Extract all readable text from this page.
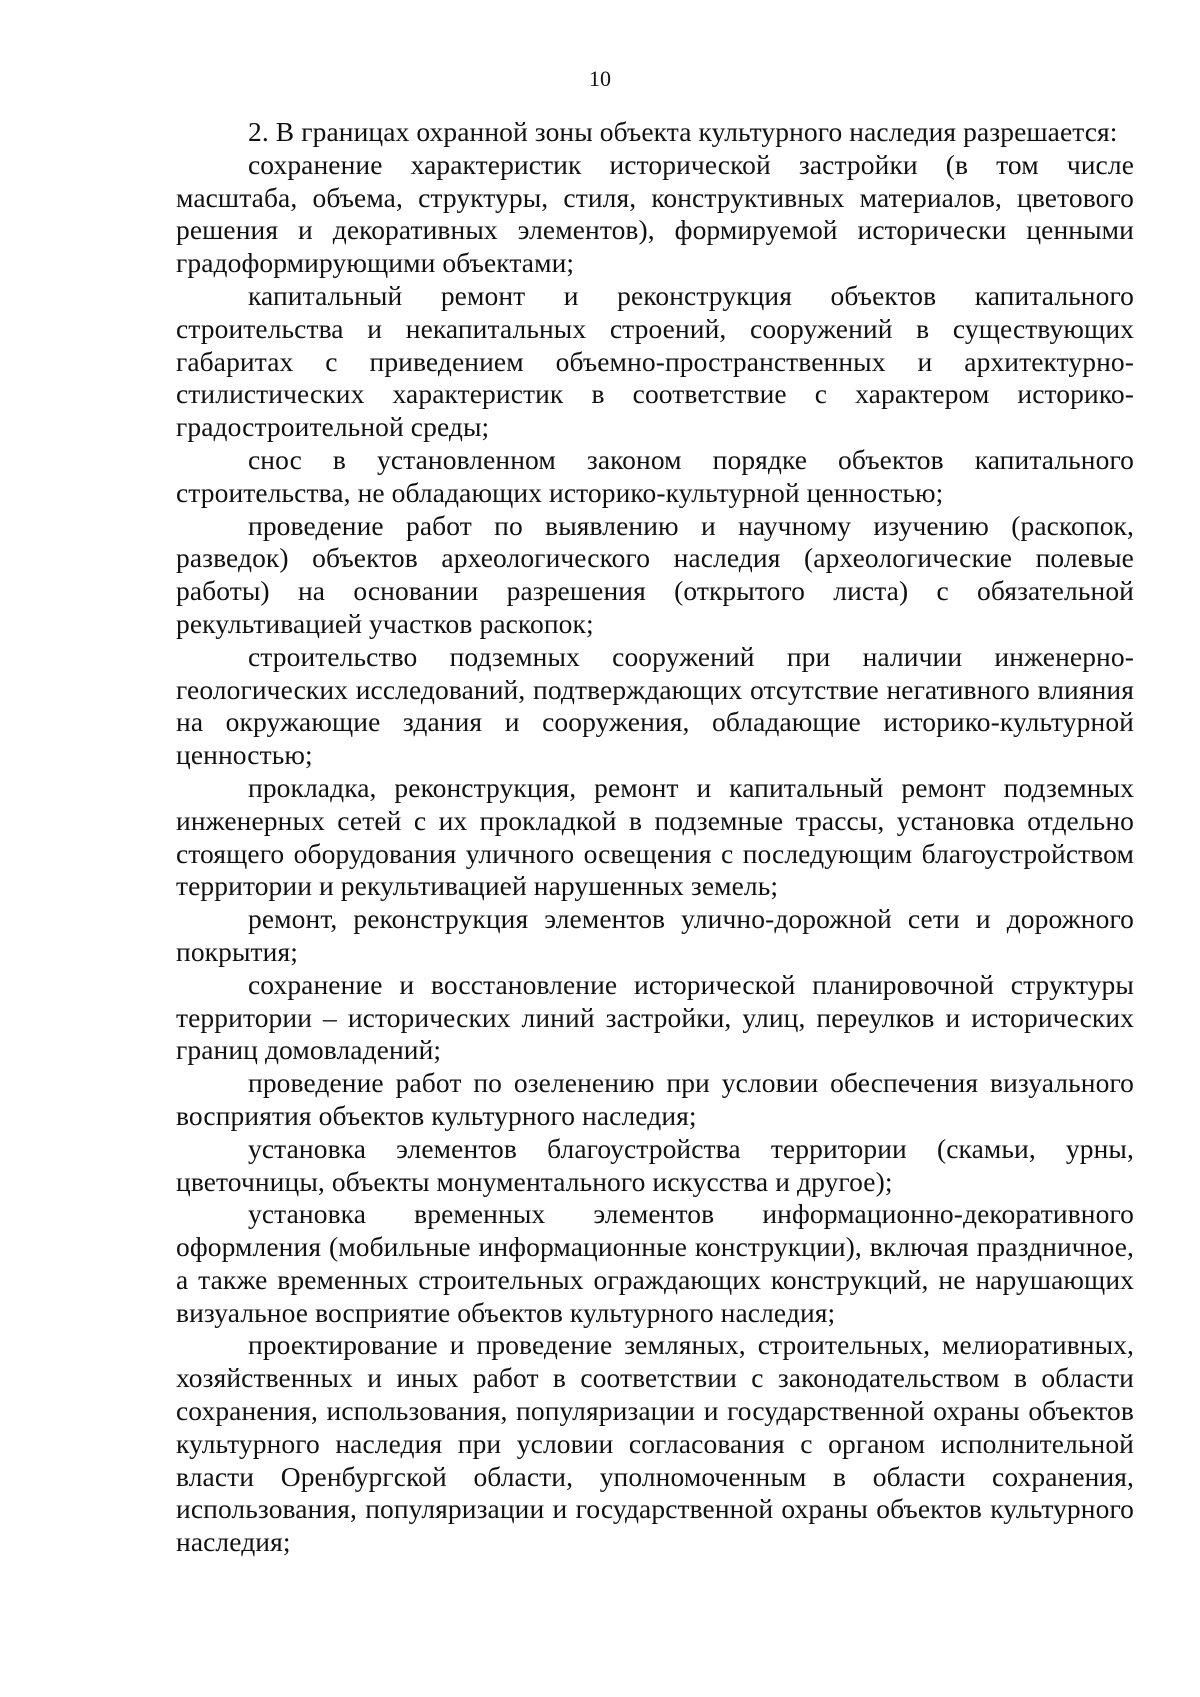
10

2. В границах охранной зоны объекта культурного наследия разрешается:

сохранение характеристик исторической застройки (в том числе масштаба, объема, структуры, стиля, конструктивных материалов, цветового решения и декоративных элементов), формируемой исторически ценными градоформирующими объектами;

капитальный ремонт и реконструкция объектов капитального строительства и некапитальных строений, сооружений в существующих габаритах с приведением объемно-пространственных и архитектурно-стилистических характеристик в соответствие с характером историко-градостроительной среды;

снос в установленном законом порядке объектов капитального строительства, не обладающих историко-культурной ценностью;

проведение работ по выявлению и научному изучению (раскопок, разведок) объектов археологического наследия (археологические полевые работы) на основании разрешения (открытого листа) с обязательной рекультивацией участков раскопок;

строительство подземных сооружений при наличии инженерно-геологических исследований, подтверждающих отсутствие негативного влияния на окружающие здания и сооружения, обладающие историко-культурной ценностью;

прокладка, реконструкция, ремонт и капитальный ремонт подземных инженерных сетей с их прокладкой в подземные трассы, установка отдельно стоящего оборудования уличного освещения с последующим благоустройством территории и рекультивацией нарушенных земель;

ремонт, реконструкция элементов улично-дорожной сети и дорожного покрытия;

сохранение и восстановление исторической планировочной структуры территории – исторических линий застройки, улиц, переулков и исторических границ домовладений;

проведение работ по озеленению при условии обеспечения визуального восприятия объектов культурного наследия;

установка элементов благоустройства территории (скамьи, урны, цветочницы, объекты монументального искусства и другое);

установка временных элементов информационно-декоративного оформления (мобильные информационные конструкции), включая праздничное, а также временных строительных ограждающих конструкций, не нарушающих визуальное восприятие объектов культурного наследия;

проектирование и проведение земляных, строительных, мелиоративных, хозяйственных и иных работ в соответствии с законодательством в области сохранения, использования, популяризации и государственной охраны объектов культурного наследия при условии согласования с органом исполнительной власти Оренбургской области, уполномоченным в области сохранения, использования, популяризации и государственной охраны объектов культурного наследия;
